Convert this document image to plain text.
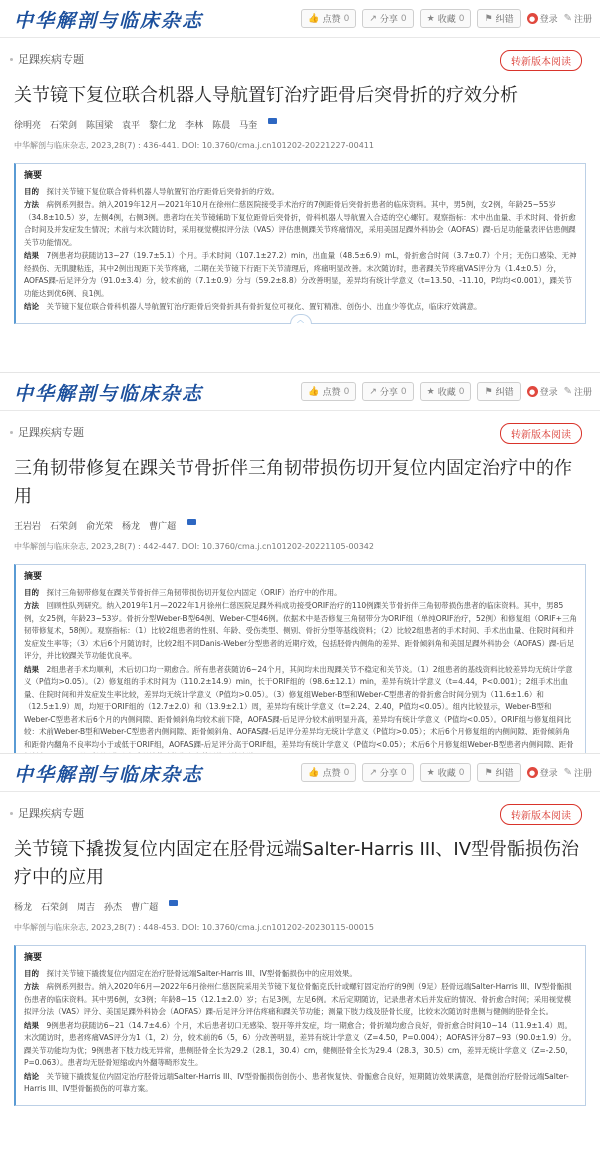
中华解剖与临床杂志	👍 点赞 0 ↗ 分享 0 ★ 收藏 0 ⚑ 纠错	● 登录 ✎ 注册
足踝疾病专题	转新版本阅读
关节镜下复位联合机器人导航置钉治疗距骨后突骨折的疗效分析
徐明亮 石荣剑 陈国梁 袁平 黎仁龙 李林 陈晨 马奎
中华解剖与临床杂志, 2023,28(7) : 436-441. DOI: 10.3760/cma.j.cn101202-20221227-00411
摘要

目的  探讨关节镜下复位联合骨科机器人导航置钉治疗距骨后突骨折的疗效。

方法  病例系列报告。纳入2019年12月—2021年10月在徐州仁慈医院接受手术治疗的7例距骨后突骨折患者的临床资料。其中，男5例，女2例，年龄25~55岁（34.8±10.5）岁，左侧4例，右侧3例。患者均在关节镜辅助下复位距骨后突骨折，骨科机器人导航置入合适的空心螺钉。观察指标：术中出血量、手术时间、骨折愈合时间及并发症发生情况；术前与末次随访时，采用视觉模拟评分法（VAS）评估患侧踝关节疼痛情况，采用美国足踝外科协会（AOFAS）踝-后足功能量表评估患侧踝关节功能情况。

结果  7例患者均获随访13~27（19.7±5.1）个月。手术时间（107.1±27.2）min，出血量（48.5±6.9）mL，骨折愈合时间（3.7±0.7）个月；无伤口感染、无神经损伤、无肌腱粘连，其中2例出现距下关节疼痛，二期在关节镜下行距下关节清理后，疼痛明显改善。末次随访时，患者踝关节疼痛VAS评分为（1.4±0.5）分，AOFAS踝-后足评分为（91.0±3.4）分，较术前的（7.1±0.9）分与（59.2±8.8）分改善明显，差异均有统计学意义（t=13.50、-11.10，P均均<0.001），踝关节功能达到优6例、良1例。

结论  关节镜下复位联合骨科机器人导航置钉治疗距骨后突骨折具有骨折复位可视化、置钉精准、创伤小、出血少等优点，临床疗效满意。

︿
中华解剖与临床杂志	👍 点赞 0 ↗ 分享 0 ★ 收藏 0 ⚑ 纠错	● 登录 ✎ 注册
足踝疾病专题	转新版本阅读
三角韧带修复在踝关节骨折伴三角韧带损伤切开复位内固定治疗中的作用
王岩岩 石荣剑 俞光荣 杨龙 曹广超
中华解剖与临床杂志, 2023,28(7) : 442-447. DOI: 10.3760/cma.j.cn101202-20221105-00342
摘要

目的  探讨三角韧带修复在踝关节骨折伴三角韧带损伤切开复位内固定（ORIF）治疗中的作用。

方法  回顾性队列研究。纳入2019年1月—2022年1月徐州仁慈医院足踝外科成功接受ORIF治疗的110例踝关节骨折伴三角韧带损伤患者的临床资料。其中，男85例，女25例，年龄23~53岁。骨折分型Weber-B型64例、Weber-C型46例。依据术中是否修复三角韧带分为ORIF组（单纯ORIF治疗，52例）和修复组（ORIF+三角韧带修复术，58例）。观察指标：（1）比较2组患者的性别、年龄、受伤类型、侧别、骨折分型等基线资料；（2）比较2组患者的手术时间、手术出血量、住院时间和并发症发生率等；（3）术后6个月随访时，比较2组不同Danis-Weber分型患者的近期疗效，包括胫骨内侧角的差异、距骨倾斜角和美国足踝外科协会（AOFAS）踝-后足评分，并比较踝关节功能优良率。

结果  2组患者手术均顺利，术后切口均一期愈合。所有患者获随访6~24个月，其间均未出现踝关节不稳定和关节炎。（1）2组患者的基线资料比较差异均无统计学意义（P值均>0.05）。（2）修复组的手术时间为（110.2±14.9）min，长于ORIF组的（98.6±12.1）min，差异有统计学意义（t=4.44，P<0.001）；2组手术出血量、住院时间和并发症发生率比较，差异均无统计学意义（P值均>0.05）。（3）修复组Weber-B型和Weber-C型患者的骨折愈合时间分别为（11.6±1.6）和（12.5±1.9）周，均短于ORIF组的（12.7±2.0）和（13.9±2.1）周，差异均有统计学意义（t=2.24、2.40，P值均<0.05）。组内比较显示，Weber-B型和Weber-C型患者术后6个月的内侧间隙、距骨倾斜角均较术前下降，AOFAS踝-后足评分较术前明显升高，差异均有统计学意义（P值均<0.05）。ORIF组与修复组间比较：术前Weber-B型和Weber-C型患者内侧间隙、距骨倾斜角、AOFAS踝-后足评分差异均无统计学意义（P值均>0.05）；术后6个月修复组的内侧间隙、距骨倾斜角和距骨内翻角不良率均小于或低于ORIF组，AOFAS踝-后足评分高于ORIF组，差异均有统计学意义（P值均<0.05）；术后6个月修复组Weber-B型患者内侧间隙、距骨

中华解剖与临床杂志	👍 点赞 0 ↗ 分享 0 ★ 收藏 0 ⚑ 纠错	● 登录 ✎ 注册
足踝疾病专题	转新版本阅读
关节镜下撬拨复位内固定在胫骨远端Salter-Harris III、IV型骨骺损伤治疗中的应用
杨龙 石荣剑 周吉 孙杰 曹广超
中华解剖与临床杂志, 2023,28(7) : 448-453. DOI: 10.3760/cma.j.cn101202-20230115-00015
摘要

目的  探讨关节镜下撬拨复位内固定在治疗胫骨远端Salter-Harris III、IV型骨骺损伤中的应用效果。

方法  病例系列报告。纳入2020年6月—2022年6月徐州仁慈医院采用关节镜下复位骨骺克氏针或螺钉固定治疗的9例（9足）胫骨远端Salter-Harris III、IV型骨骺损伤患者的临床资料。其中男6例，女3例；年龄8~15（12.1±2.0）岁；右足3例，左足6例。术后定期随访，记录患者术后并发症的情况、骨折愈合时间；采用视觉模拟评分法（VAS）评分、美国足踝外科协会（AOFAS）踝-后足评分评估疼痛和踝关节功能；测量下肢力线及胫骨长度，比较末次随访时患侧与健侧的胫骨全长。

结果  9例患者均获随访6~21（14.7±4.6）个月，术后患者切口无感染、裂开等并发症，均一期愈合；骨折端均愈合良好，骨折愈合时间10~14（11.9±1.4）周。末次随访时，患者疼痛VAS评分为1（1，2）分，较术前的6（5，6）分改善明显，差异有统计学意义（Z=4.50，P=0.004）；AOFAS评分87~93（90.0±1.9）分。踝关节功能均为优；9例患者下肢力线无异常，患侧胫骨全长为29.2（28.1，30.4）cm，健侧胫骨全长为29.4（28.3，30.5）cm，差异无统计学意义（Z=-2.50，P=0.063）。患者均无胫骨短缩或内外翻等畸形发生。

结论  关节镜下撬拨复位内固定治疗胫骨远端Salter-Harris III、IV型骨骺损伤创伤小、患者恢复快、骨骺愈合良好，短期随访效果满意，是微创治疗胫骨远端Salter-Harris III、IV型骨骺损伤的可靠方案。
